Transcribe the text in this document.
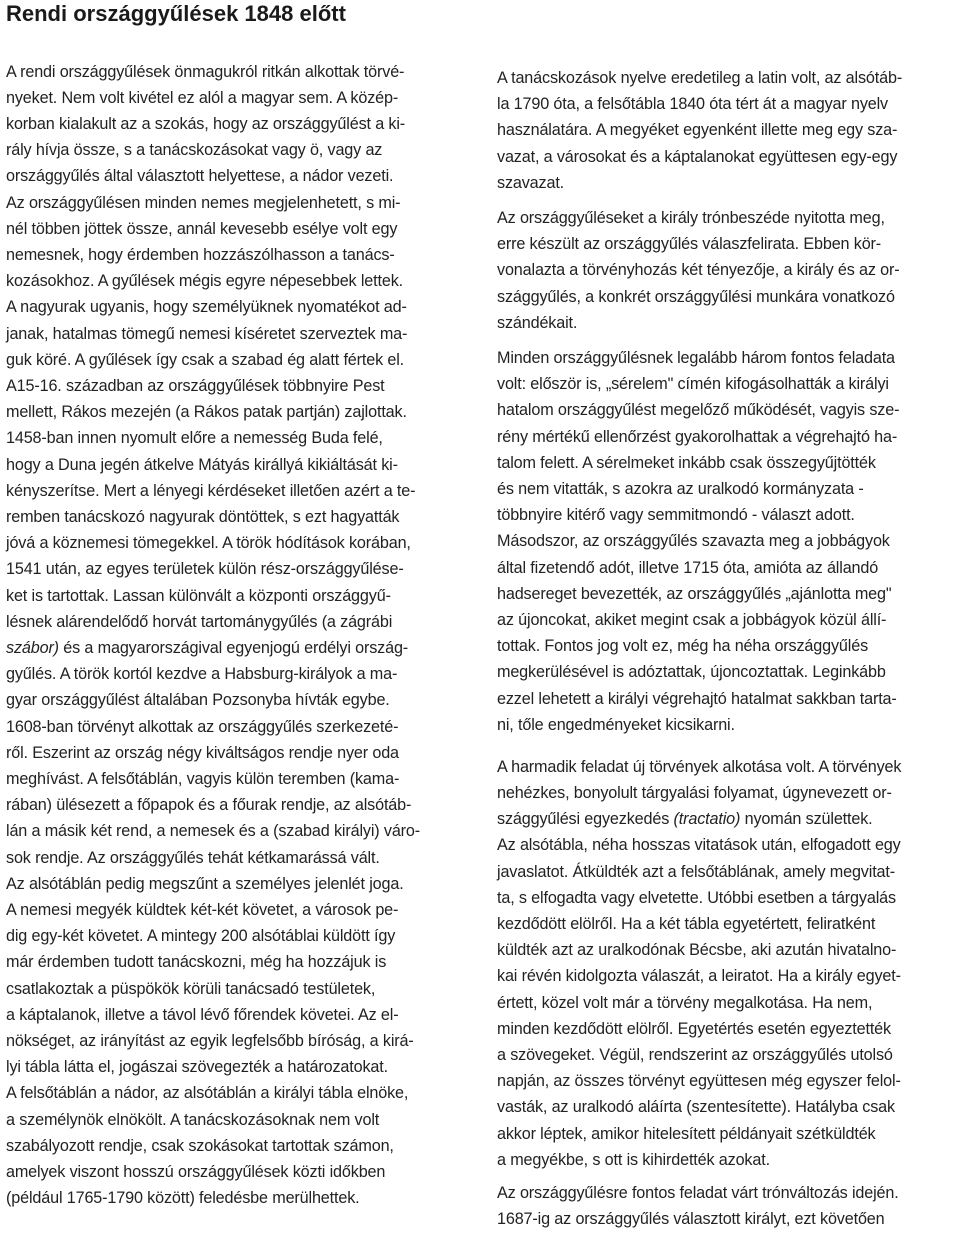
Rendi országgyűlések 1848 előtt
A rendi országgyűlések önmagukról ritkán alkottak törvé-
nyeket. Nem volt kivétel ez alól a magyar sem. A közép-
korban kialakult az a szokás, hogy az országgyűlést a ki-
rály hívja össze, s a tanácskozásokat vagy ö, vagy az
országgyűlés által választott helyettese, a nádor vezeti.
Az országgyűlésen minden nemes megjelenhetett, s mi-
nél többen jöttek össze, annál kevesebb esélye volt egy
nemesnek, hogy érdemben hozzászólhasson a tanács-
kozásokhoz. A gyűlések mégis egyre népesebbek lettek.
A nagyurak ugyanis, hogy személyüknek nyomatékot ad-
janak, hatalmas tömegű nemesi kíséretet szerveztek ma-
guk köré. A gyűlések így csak a szabad ég alatt fértek el.
A15-16. században az országgyűlések többnyire Pest
mellett, Rákos mezején (a Rákos patak partján) zajlottak.
1458-ban innen nyomult előre a nemesség Buda felé,
hogy a Duna jegén átkelve Mátyás királlyá kikiáltását ki-
kényszerítse. Mert a lényegi kérdéseket illetően azért a te-
remben tanácskozó nagyurak döntöttek, s ezt hagyatták
jóvá a köznemesi tömegekkel. A török hódítások korában,
1541 után, az egyes területek külön rész-országgyűlése-
ket is tartottak. Lassan különvált a központi országgyű-
lésnek alárendelődő horvát tartománygyűlés (a zágrábi
szábor) és a magyarországival egyenjogú erdélyi ország-
gyűlés. A török kortól kezdve a Habsburg-királyok a ma-
gyar országgyűlést általában Pozsonyba hívták egybe.
1608-ban törvényt alkottak az országgyűlés szerkezeté-
ről. Eszerint az ország négy kiváltságos rendje nyer oda
meghívást. A felsőtáblán, vagyis külön teremben (kama-
rában) ülésezett a főpapok és a főurak rendje, az alsótáb-
lán a másik két rend, a nemesek és a (szabad királyi) váro-
sok rendje. Az országgyűlés tehát kétkamarássá vált.
Az alsótáblán pedig megszűnt a személyes jelenlét joga.
A nemesi megyék küldtek két-két követet, a városok pe-
dig egy-két követet. A mintegy 200 alsótáblai küldött így
már érdemben tudott tanácskozni, még ha hozzájuk is
csatlakoztak a püspökök körüli tanácsadó testületek,
a káptalanok, illetve a távol lévő főrendek követei. Az el-
nökséget, az irányítást az egyik legfelsőbb bíróság, a kirá-
lyi tábla látta el, jogászai szövegezték a határozatokat.
A felsőtáblán a nádor, az alsótáblán a királyi tábla elnöke,
a személynök elnökölt. A tanácskozásoknak nem volt
szabályozott rendje, csak szokásokat tartottak számon,
amelyek viszont hosszú országgyűlések közti időkben
(például 1765-1790 között) feledésbe merülhettek.
A tanácskozások nyelve eredetileg a latin volt, az alsótáb-
la 1790 óta, a felsőtábla 1840 óta tért át a magyar nyelv
használatára. A megyéket egyenként illette meg egy sza-
vazat, a városokat és a káptalanokat együttesen egy-egy
szavazat.
Az országgyűléseket a király trónbeszéde nyitotta meg,
erre készült az országgyűlés válaszfelirata. Ebben kör-
vonalazta a törvényhozás két tényezője, a király és az or-
szággyűlés, a konkrét országgyűlési munkára vonatkozó
szándékait.
Minden országgyűlésnek legalább három fontos feladata
volt: először is, „sérelem" címén kifogásolhatták a királyi
hatalom országgyűlést megelőző működését, vagyis sze-
rény mértékű ellenőrzést gyakorolhattak a végrehajtó ha-
talom felett. A sérelmeket inkább csak összegyűjtötték
és nem vitatták, s azokra az uralkodó kormányzata -
többnyire kitérő vagy semmitmondó - választ adott.
Másodszor, az országgyűlés szavazta meg a jobbágyok
által fizetendő adót, illetve 1715 óta, amióta az állandó
hadsereget bevezették, az országgyűlés „ajánlotta meg"
az újoncokat, akiket megint csak a jobbágyok közül állí-
tottak. Fontos jog volt ez, még ha néha országgyűlés
megkerülésével is adóztattak, újoncoztattak. Leginkább
ezzel lehetett a királyi végrehajtó hatalmat sakkban tarta-
ni, tőle engedményeket kicsikarni.
A harmadik feladat új törvények alkotása volt. A törvények
nehézkes, bonyolult tárgyalási folyamat, úgynevezett or-
szággyűlési egyezkedés (tractatio) nyomán születtek.
Az alsótábla, néha hosszas vitatások után, elfogadott egy
javaslatot. Átküldték azt a felsőtáblának, amely megvitat-
ta, s elfogadta vagy elvetette. Utóbbi esetben a tárgyalás
kezdődött elölről. Ha a két tábla egyetértett, feliratként
küldték azt az uralkodónak Bécsbe, aki azután hivatalno-
kai révén kidolgozta válaszát, a leiratot. Ha a király egyet-
értett, közel volt már a törvény megalkotása. Ha nem,
minden kezdődött elölről. Egyetértés esetén egyeztették
a szövegeket. Végül, rendszerint az országgyűlés utolsó
napján, az összes törvényt együttesen még egyszer felol-
vasták, az uralkodó aláírta (szentesítette). Hatályba csak
akkor léptek, amikor hitelesített példányait szétküldték
a megyékbe, s ott is kihirdették azokat.
Az országgyűlésre fontos feladat várt trónváltozás idején.
1687-ig az országgyűlés választott királyt, ezt követően
